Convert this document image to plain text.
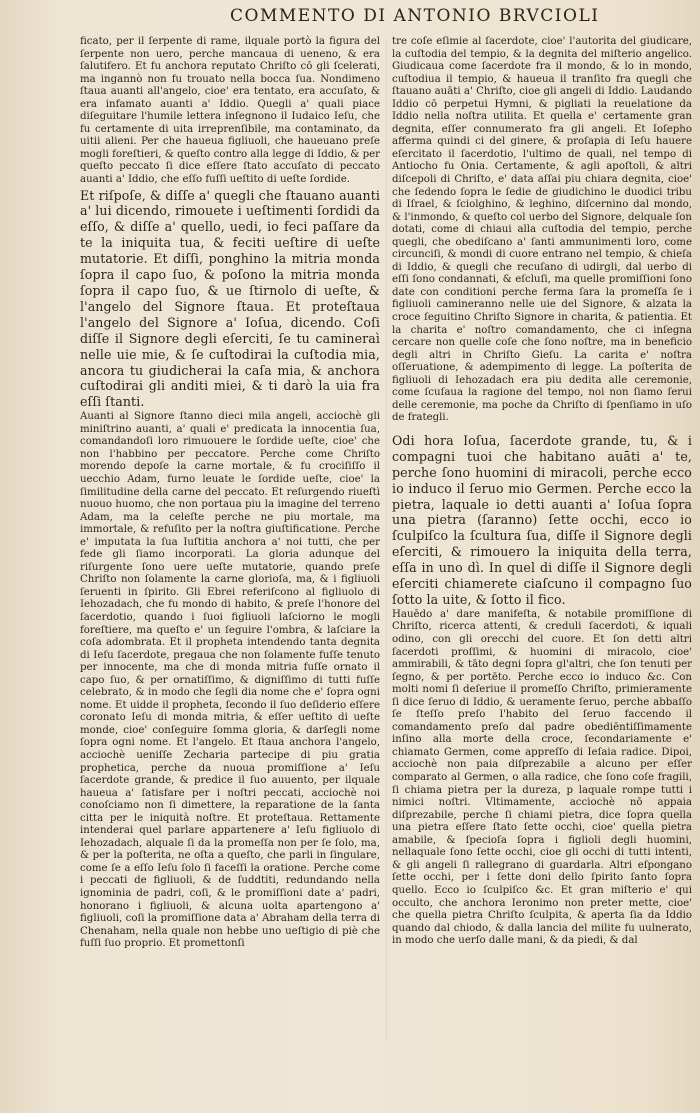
COMMENTO DI ANTONIO BRVCIOLI

ficato, per il ſerpente di rame, ilquale portò la figura del ſerpente non uero, perche mancaua di ueneno, & era ſalutifero. Et fu anchora reputato Chriſto cō gli ſcelerati, ma ingannò non fu trouato nella bocca ſua. Nondimeno ſtaua auanti all'angelo, cioe' era tentato, era accuſato, & era infamato auanti a' Iddio. Quegli a' quali piace diſeguitare l'humile lettera inſegnono il Iudaico Ieſu, che fu certamente di uita irreprenſibile, ma contaminato, da uitii alieni. Per che haueua figliuoli, che haueuano preſe mogli foreſtieri, & queſto contro alla legge di Iddio, & per queſto peccato ſi dice eſſere ſtato accuſato di peccato auanti a' Iddio, che eſſo fuſſi ueſtito di ueſte ſordide.

Et riſpoſe, & diſſe a' quegli che ſtauano auanti a' lui dicendo, rimouete i ueſtimenti ſordidi da eſſo, & diſſe a' quello, uedi, io feci paſſare da te la iniquita tua, & feciti ueſtire di ueſte mutatorie. Et diſſi, ponghino la mitria monda ſopra il capo ſuo, & poſono la mitria monda ſopra il capo ſuo, & ue ſtirnolo di ueſte, & l'angelo del Signore ſtaua. Et proteſtaua l'angelo del Signore a' Ioſua, dicendo. Coſi diſſe il Signore degli eſerciti, ſe tu camineraì nelle uie mie, & ſe cuſtodirai la cuſtodia mia, ancora tu giudicherai la caſa mia, & anchora cuſtodirai gli anditi miei, & ti darò la uia fra eſſi ſtanti.

Auanti al Signore ſtanno dieci mila angeli, acciochè gli miniſtrino auanti, a' quali e' predicata la innocentia ſua, comandandoſi loro rimuouere le ſordide ueſte, cioe' che non l'habbino per peccatore. Perche come Chriſto morendo depoſe la carne mortale, & fu crociſiſſo il uecchio Adam, furno leuate le ſordide ueſte, cioe' la ſimilitudine della carne del peccato. Et reſurgendo riueſtì nuouo huomo, che non portaua piu la imagine del terreno Adam, ma la celeſte perche ne piu mortale, ma immortale, & refuſito per la noſtra giuſtificatione. Perche e' imputata la ſua Iuſtitia anchora a' noi tutti, che per fede gli ſiamo incorporati. La gloria adunque del riſurgente ſono uere ueſte mutatorie, quando preſe Chriſto non ſolamente la carne glorioſa, ma, & i figliuoli ſeruenti in ſpirito. Gli Ebrei referiſcono al figliuolo di Iehozadach, che fu mondo di habito, & preſe l'honore del ſacerdotio, quando i ſuoi figliuoli laſciorno le mogli foreſtiere, ma queſto e' un ſeguire l'ombra, & laſciare la coſa adombrata. Et il propheta intendendo tanta degnita di Ieſu ſacerdote, pregaua che non ſolamente fuſſe tenuto per innocente, ma che di monda mitria fuſſe ornato il capo ſuo, & per ornatiſſimo, & digniſſimo di tutti fuſſe celebrato, & in modo che ſegli dia nome che e' ſopra ogni nome. Et uidde il propheta, ſecondo il ſuo deſiderio eſſere coronato Ieſu di monda mitria, & eſſer ueſtito di ueſte monde, cioe' conſeguire ſomma gloria, & darſegli nome ſopra ogni nome. Et l'angelo. Et ſtaua anchora l'angelo, acciochè ueniſſe Zecharia partecipe di piu gratia prophetica, perche da nuoua promiſſione a' Ieſu ſacerdote grande, & predice il ſuo auuento, per ilquale haueua a' ſatisfare per i noſtri peccati, acciochè noi conoſciamo non ſi dimettere, la reparatione de la ſanta citta per le iniquità noſtre. Et proteſtaua. Rettamente intenderai quel parlare appartenere a' Ieſu figliuolo di Iehozadach, alquale ſi da la promeſſa non per ſe ſolo, ma, & per la poſterita, ne oſta a queſto, che parli in ſingulare, come ſe a eſſo Ieſu ſolo ſi faceſſi la oratione. Perche come i peccati de figliuoli, & de ſuddtiti, redundando nella ignominia de padri, coſi, & le promiſſioni date a' padri, honorano i figliuoli, & alcuna uolta apartengono a' figliuoli, coſi la promiſſione data a' Abraham della terra di Chenaham, nella quale non hebbe uno ueſtigio di piè che fuſſi ſuo proprio. Et promettonſi

tre coſe eſimie al ſacerdote, cioe' l'autorita del giudicare, la cuſtodia del tempio, & la degnita del miſterio angelico. Giudicaua come ſacerdote fra il mondo, & lo in mondo, cuſtodiua il tempio, & haueua il tranſito fra quegli che ſtauano auāti a' Chriſto, cioe gli angeli di Iddio. Laudando Iddio cō perpetui Hymni, & pigliati la reuelatione da Iddio nella noſtra utilita. Et quella e' certamente gran degnita, eſſer connumerato fra gli angeli. Et Ioſepho afferma quindi ci del ginere, & proſapia di Ieſu hauere eſercitato il ſacerdotio, l'ultimo de quali, nel tempo di Antiocho fu Onia. Certamente, & agli apoſtoli, & altri diſcepoli di Chriſto, e' data aſſai piu chiara degnita, cioe' che ſedendo ſopra le ſedie de giudichino le duodici tribu di Iſrael, & ſciolghino, & leghino, diſcernino dal mondo, & l'inmondo, & queſto col uerbo del Signore, delquale ſon dotati, come di chiaui alla cuſtodia del tempio, perche quegli, che obediſcano a' ſanti ammunimenti loro, come circunciſi, & mondi di cuore entrano nel tempio, & chieſa di Iddio, & quegli che recuſano di udirgli, dal uerbo di eſſi ſono condannati, & eſcluſi, ma quelle promiſſioni ſono date con conditioni perche ferma ſara la promeſſa ſe i figliuoli camineranno nelle uie del Signore, & alzata la croce ſeguitino Chriſto Signore in charita, & patientia. Et la charita e' noſtro comandamento, che ci inſegna cercare non quelle coſe che ſono noſtre, ma in beneficio degli altri in Chriſto Gieſu. La carita e' noſtra oſſeruatione, & adempimento di legge. La poſterita de figliuoli di Iehozadach era piu dedita alle ceremonie, come ſcuſaua la ragione del tempo, noi non ſiamo ſerui delle ceremonie, ma poche da Chriſto di ſpenſiamo in uſo de frategli.

Odi hora Ioſua, ſacerdote grande, tu, & i compagni tuoi che habitano auāti a' te, perche ſono huomini di miracoli, perche ecco io induco il ſeruo mio Germen. Perche ecco la pietra, laquale io detti auanti a' Ioſua ſopra una pietra (ſaranno) ſette occhi, ecco io ſculpiſco la ſcultura ſua, diſſe il Signore degli eſerciti, & rimouero la iniquita della terra, eſſa in uno dì. In quel di diſſe il Signore degli eſerciti chiamerete ciaſcuno il compagno ſuo ſotto la uite, & ſotto il fico.

Hauēdo a' dare manifeſta, & notabile promiſſione di Chriſto, ricerca attenti, & creduli ſacerdoti, & iquali odino, con gli orecchi del cuore. Et ſon detti altri ſacerdoti proſſimi, & huomini di miracolo, cioe' ammirabili, & tāto degni ſopra gl'altri, che ſon tenuti per ſegno, & per portēto. Perche ecco io induco &c. Con molti nomi ſi deſeriue il promeſſo Chriſto, primieramente ſi dice ſeruo di Iddio, & ueramente ſeruo, perche abbaſſo ſe ſteſſo preſo l'habito del ſeruo faccendo il comandamento preſo dal padre obediēntiſſimamente inſino alla morte della croce, ſecondariamente e' chiamato Germen, come appreſſo di Ieſaia radice. Dipoi, acciochè non paia diſprezabile a alcuno per eſſer comparato al Germen, o alla radice, che ſono coſe fragili, ſi chiama pietra per la dureza, p laquale rompe tutti i nimici noſtri. Vltimamente, acciochè nō appaia diſprezabile, perche ſi chiami pietra, dice ſopra quella una pietra eſſere ſtato ſette occhi, cioe' quella pietra amabile, & ſpecioſa ſopra i figlioli degli huomini, nellaquale ſono ſette occhi, cioe gli occhi di tutti intenti, & gli angeli ſi rallegrano di guardarla. Altri eſpongano ſette occhi, per i ſette doni dello ſpirito ſanto ſopra quello. Ecco io ſculpiſco &c. Et gran miſterio e' qui occulto, che anchora Ieronimo non preter mette, cioe' che quella pietra Chriſto ſculpita, & aperta ſia da Iddio quando dal chiodo, & dalla lancia del milite fu uulnerato, in modo che uerſo dalle mani, & da piedi, & dal
